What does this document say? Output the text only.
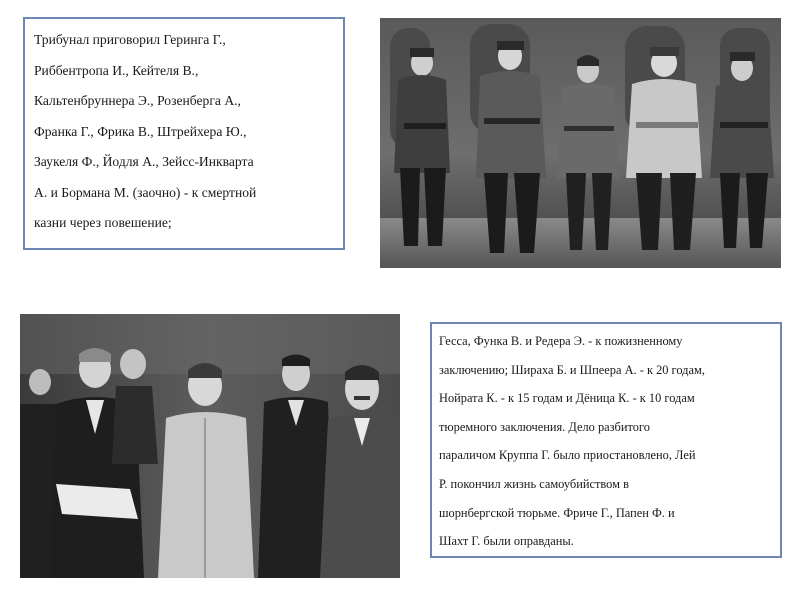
Трибунал приговорил Геринга Г.,
Риббентропа И., Кейтеля В.,
Кальтенбруннера Э., Розенберга А.,
Франка Г., Фрика В., Штрейхера Ю.,
Заукеля Ф., Йодля А., Зейсс-Инкварта
А. и Бормана М. (заочно) - к смертной
казни через повешение;
Гесса, Функа В. и Редера Э. - к пожизненному
заключению; Шираха Б. и Шпеера А. - к 20 годам,
Нойрата К. - к 15 годам и Дёница К. - к 10 годам
тюремного заключения. Дело разбитого
параличом Круппа Г. было приостановлено, Лей
Р. покончил жизнь самоубийством в
шорнбергской тюрьме. Фриче Г., Папен Ф. и
Шахт Г. были оправданы.
